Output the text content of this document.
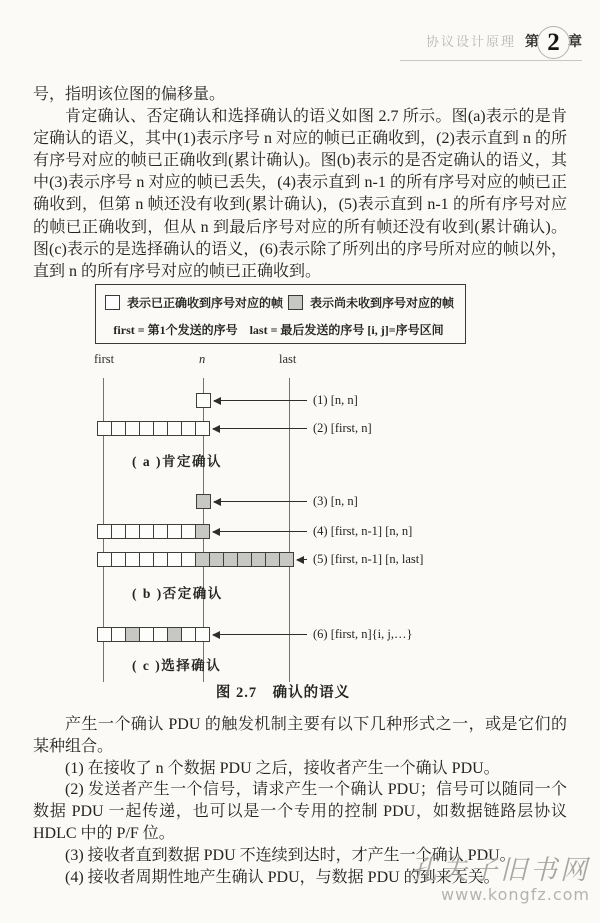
协议设计原理 第 2 章

号，指明该位图的偏移量。

肯定确认、否定确认和选择确认的语义如图 2.7 所示。图(a)表示的是肯定确认的语义，其中(1)表示序号 n 对应的帧已正确收到，(2)表示直到 n 的所有序号对应的帧已正确收到(累计确认)。图(b)表示的是否定确认的语义，其中(3)表示序号 n 对应的帧已丢失，(4)表示直到 n-1 的所有序号对应的帧已正确收到，但第 n 帧还没有收到(累计确认)，(5)表示直到 n-1 的所有序号对应的帧已正确收到，但从 n 到最后序号对应的所有帧还没有收到(累计确认)。图(c)表示的是选择确认的语义，(6)表示除了所列出的序号所对应的帧以外，直到 n 的所有序号对应的帧已正确收到。

表示已正确收到序号对应的帧 表示尚未收到序号对应的帧
first = 第1个发送的序号　last = 最后发送的序号 [i, j]=序号区间
first	n	last
(1) [n, n]
(2) [first, n]
(3) [n, n]
(4) [first, n-1] [n, n]
(5) [first, n-1] [n, last]
(6) [first, n]{i, j,…}
( a )肯定确认
( b )否定确认
( c )选择确认
图 2.7　确认的语义

产生一个确认 PDU 的触发机制主要有以下几种形式之一，或是它们的某种组合。

(1) 在接收了 n 个数据 PDU 之后，接收者产生一个确认 PDU。

(2) 发送者产生一个信号，请求产生一个确认 PDU；信号可以随同一个数据 PDU 一起传递，也可以是一个专用的控制 PDU，如数据链路层协议 HDLC 中的 P/F 位。

(3) 接收者直到数据 PDU 不连续到达时，才产生一个确认 PDU。

(4) 接收者周期性地产生确认 PDU，与数据 PDU 的到来无关。

孔夫子旧书网
www.kongfz.com
